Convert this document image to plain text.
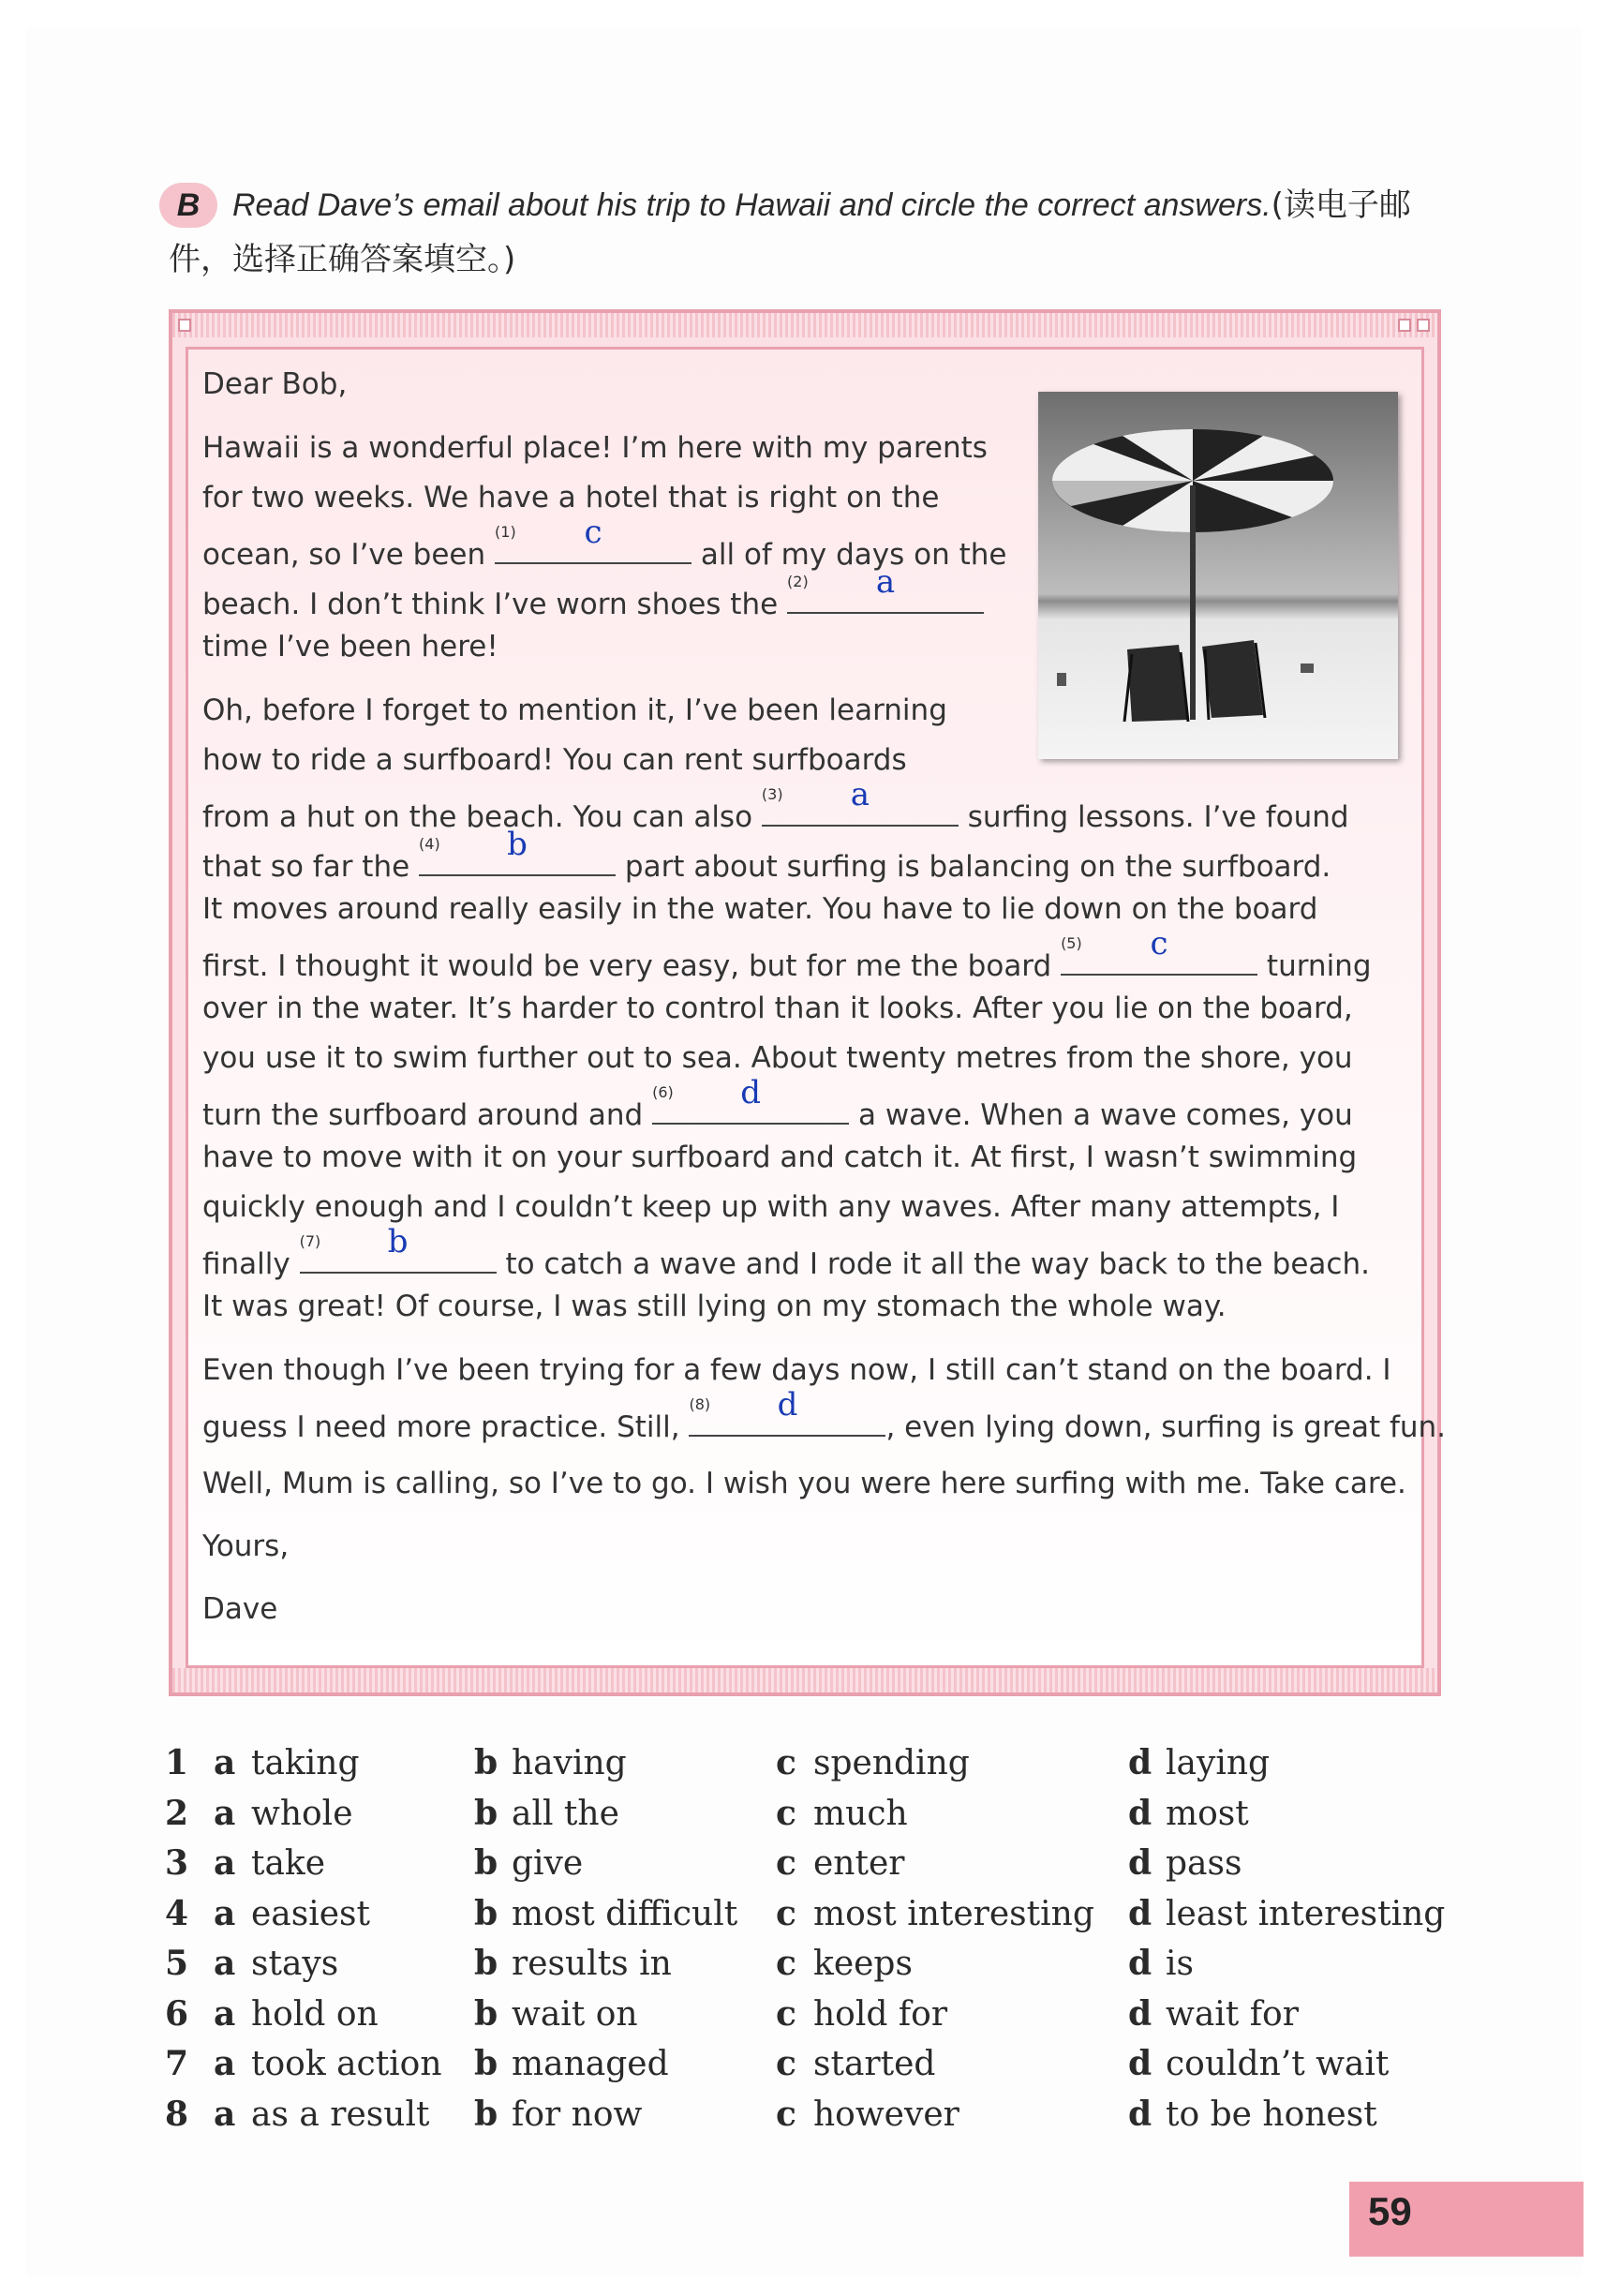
B Read Dave’s email about his trip to Hawaii and circle the correct answers.(读电子邮件，选择正确答案填空。)
Dear Bob,
Hawaii is a wonderful place! I’m here with my parents
for two weeks. We have a hotel that is right on the
ocean, so I’ve been
(1)	c
all of my days on the
beach. I don’t think I’ve worn shoes the
(2)	a
time I’ve been here!
Oh, before I forget to mention it, I’ve been learning
how to ride a surfboard! You can rent surfboards
from a hut on the beach. You can also
(3)	a
surfing lessons. I’ve found
that so far the
(4)	b
part about surfing is balancing on the surfboard.
It moves around really easily in the water. You have to lie down on the board
first. I thought it would be very easy, but for me the board
(5)	c
turning
over in the water. It’s harder to control than it looks. After you lie on the board,
you use it to swim further out to sea. About twenty metres from the shore, you
turn the surfboard around and
(6)	d
a wave. When a wave comes, you
have to move with it on your surfboard and catch it. At first, I wasn’t swimming
quickly enough and I couldn’t keep up with any waves. After many attempts, I
finally
(7)	b
to catch a wave and I rode it all the way back to the beach.
It was great! Of course, I was still lying on my stomach the whole way.
Even though I’ve been trying for a few days now, I still can’t stand on the board. I
guess I need more practice. Still,
(8)	d
, even lying down, surfing is great fun.
Well, Mum is calling, so I’ve to go. I wish you were here surfing with me. Take care.
Yours,
Dave
1 a taking	b having	c spending	d laying
2 a whole	b all the	c much	d most
3 a take	b give	c enter	d pass
4 a easiest	b most difficult c most interesting d least interesting
5 a stays	b results in	c keeps	d is
6 a hold on	b wait on	c hold for	d wait for
7 a took action b managed	c started	d couldn’t wait
8 a as a result b for now	c however	d to be honest
59
